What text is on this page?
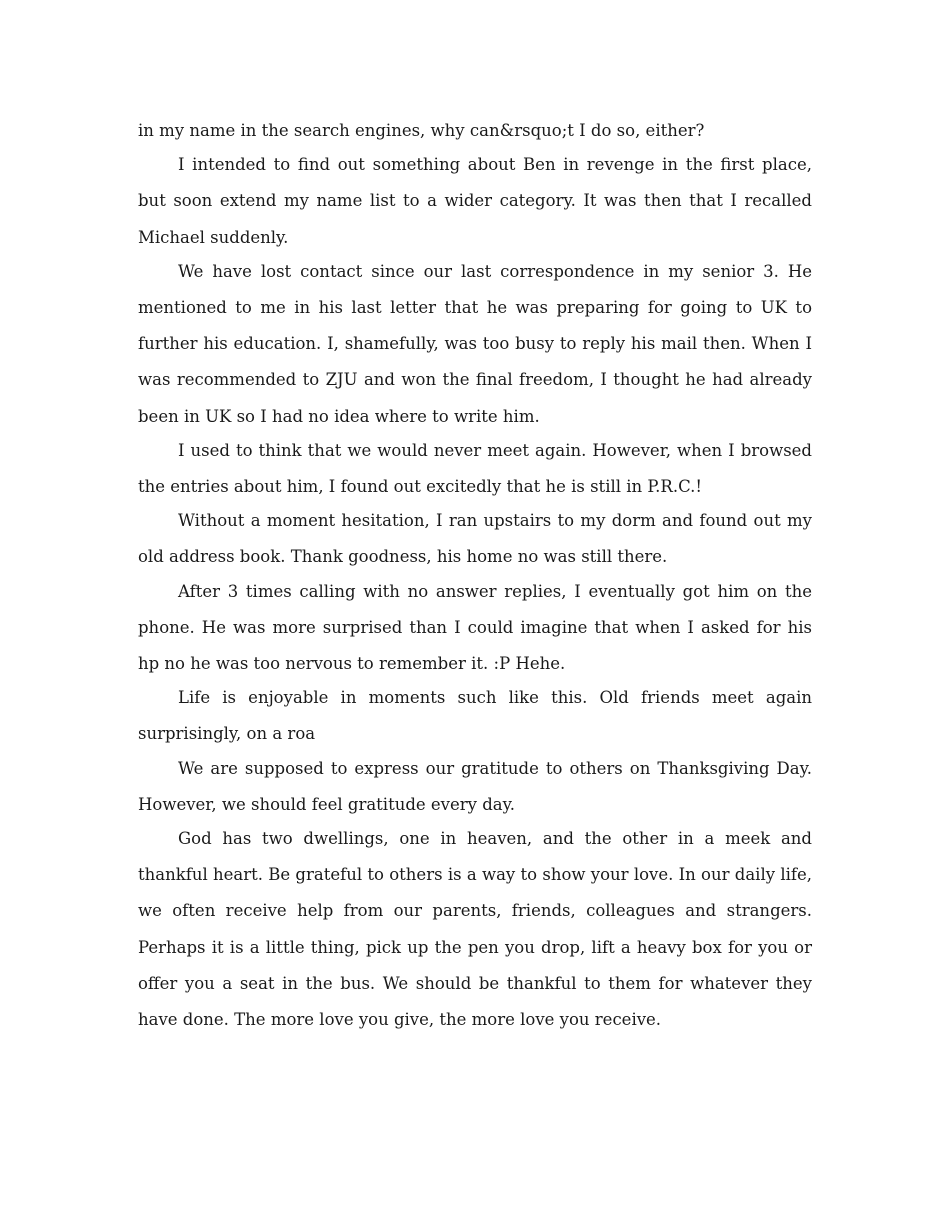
in my name in the search engines, why can&rsquo;t I do so, either?

I intended to find out something about Ben in revenge in the first place, but soon extend my name list to a wider category. It was then that I recalled Michael suddenly.

We have lost contact since our last correspondence in my senior 3. He mentioned to me in his last letter that he was preparing for going to UK to further his education. I, shamefully, was too busy to reply his mail then. When I was recommended to ZJU and won the final freedom, I thought he had already been in UK so I had no idea where to write him.

I used to think that we would never meet again. However, when I browsed the entries about him, I found out excitedly that he is still in P.R.C.!

Without a moment hesitation, I ran upstairs to my dorm and found out my old address book. Thank goodness, his home no was still there.

After 3 times calling with no answer replies, I eventually got him on the phone. He was more surprised than I could imagine that when I asked for his hp no he was too nervous to remember it. :P Hehe.

Life is enjoyable in moments such like this. Old friends meet again surprisingly, on a roa

We are supposed to express our gratitude to others on Thanksgiving Day. However, we should feel gratitude every day.

God has two dwellings, one in heaven, and the other in a meek and thankful heart. Be grateful to others is a way to show your love. In our daily life, we often receive help from our parents, friends, colleagues and strangers. Perhaps it is a little thing, pick up the pen you drop, lift a heavy box for you or offer you a seat in the bus. We should be thankful to them for whatever they have done. The more love you give, the more love you receive.
